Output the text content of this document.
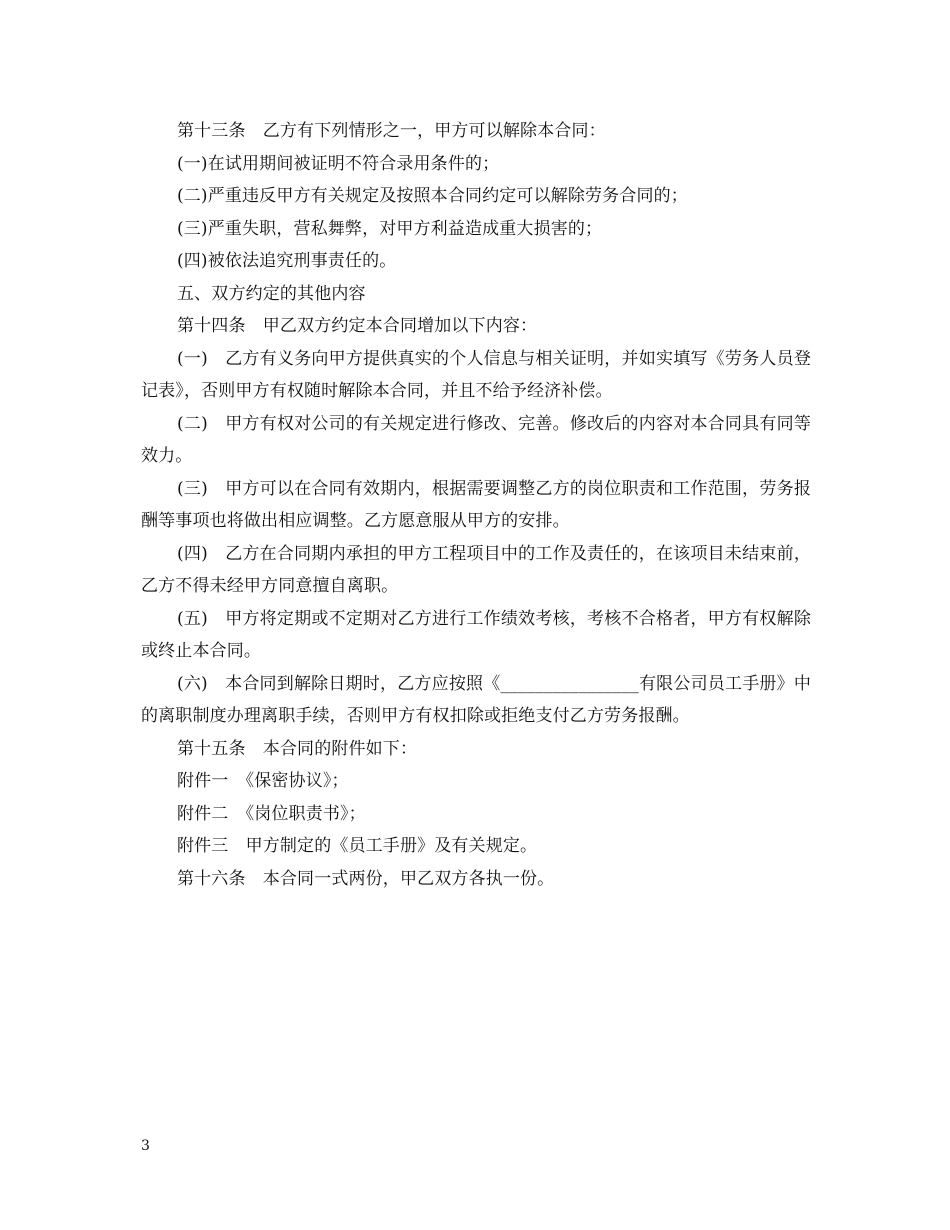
第十三条　乙方有下列情形之一，甲方可以解除本合同：

(一)在试用期间被证明不符合录用条件的；

(二)严重违反甲方有关规定及按照本合同约定可以解除劳务合同的；

(三)严重失职，营私舞弊，对甲方利益造成重大损害的；

(四)被依法追究刑事责任的。

五、双方约定的其他内容

第十四条　甲乙双方约定本合同增加以下内容：

(一)　乙方有义务向甲方提供真实的个人信息与相关证明，并如实填写《劳务人员登记表》，否则甲方有权随时解除本合同，并且不给予经济补偿。

(二)　甲方有权对公司的有关规定进行修改、完善。修改后的内容对本合同具有同等效力。

(三)　甲方可以在合同有效期内，根据需要调整乙方的岗位职责和工作范围，劳务报酬等事项也将做出相应调整。乙方愿意服从甲方的安排。

(四)　乙方在合同期内承担的甲方工程项目中的工作及责任的，在该项目未结束前，乙方不得未经甲方同意擅自离职。

(五)　甲方将定期或不定期对乙方进行工作绩效考核，考核不合格者，甲方有权解除或终止本合同。

(六)　本合同到解除日期时，乙方应按照《________________有限公司员工手册》中的离职制度办理离职手续，否则甲方有权扣除或拒绝支付乙方劳务报酬。

第十五条　本合同的附件如下：

附件一　《保密协议》；

附件二　《岗位职责书》；

附件三　甲方制定的《员工手册》及有关规定。

第十六条　本合同一式两份，甲乙双方各执一份。

3
